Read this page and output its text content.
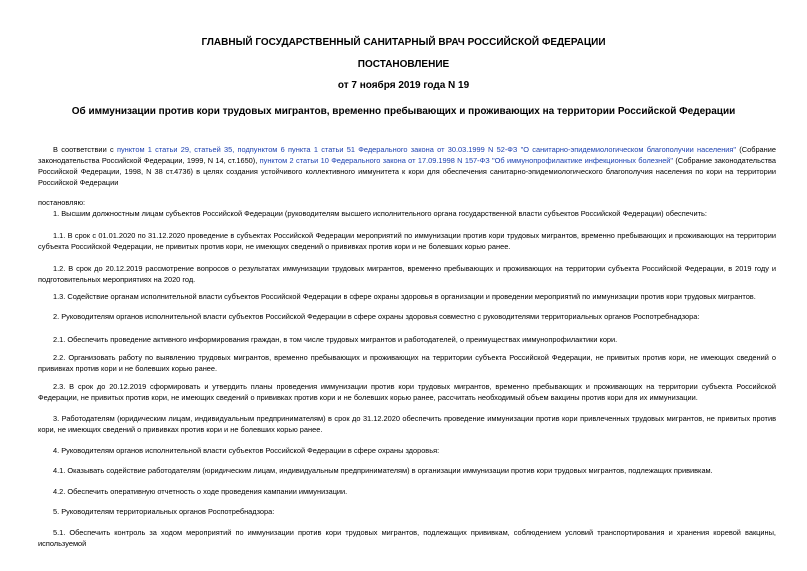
ГЛАВНЫЙ ГОСУДАРСТВЕННЫЙ САНИТАРНЫЙ ВРАЧ РОССИЙСКОЙ ФЕДЕРАЦИИ
ПОСТАНОВЛЕНИЕ
от 7 ноября 2019 года N 19
Об иммунизации против кори трудовых мигрантов, временно пребывающих и проживающих на территории Российской Федерации

В соответствии с пунктом 1 статьи 29, статьей 35, подпунктом 6 пункта 1 статьи 51 Федерального закона от 30.03.1999 N 52-ФЗ "О санитарно-эпидемиологическом благополучии населения" (Собрание законодательства Российской Федерации, 1999, N 14, ст.1650), пунктом 2 статьи 10 Федерального закона от 17.09.1998 N 157-ФЗ "Об иммунопрофилактике инфекционных болезней" (Собрание законодательства Российской Федерации, 1998, N 38 ст.4736) в целях создания устойчивого коллективного иммунитета к кори для обеспечения санитарно-эпидемиологического благополучия населения по кори на территории Российской Федерации

постановляю:

1. Высшим должностным лицам субъектов Российской Федерации (руководителям высшего исполнительного органа государственной власти субъектов Российской Федерации) обеспечить:

1.1. В срок с 01.01.2020 по 31.12.2020 проведение в субъектах Российской Федерации мероприятий по иммунизации против кори трудовых мигрантов, временно пребывающих и проживающих на территории субъекта Российской Федерации, не привитых против кори, не имеющих сведений о прививках против кори и не болевших корью ранее.

1.2. В срок до 20.12.2019 рассмотрение вопросов о результатах иммунизации трудовых мигрантов, временно пребывающих и проживающих на территории субъекта Российской Федерации, в 2019 году и подготовительных мероприятиях на 2020 год.

1.3. Содействие органам исполнительной власти субъектов Российской Федерации в сфере охраны здоровья в организации и проведении мероприятий по иммунизации против кори трудовых мигрантов.

2. Руководителям органов исполнительной власти субъектов Российской Федерации в сфере охраны здоровья совместно с руководителями территориальных органов Роспотребнадзора:

2.1. Обеспечить проведение активного информирования граждан, в том числе трудовых мигрантов и работодателей, о преимуществах иммунопрофилактики кори.

2.2. Организовать работу по выявлению трудовых мигрантов, временно пребывающих и проживающих на территории субъекта Российской Федерации, не привитых против кори, не имеющих сведений о прививках против кори и не болевших корью ранее.

2.3. В срок до 20.12.2019 сформировать и утвердить планы проведения иммунизации против кори трудовых мигрантов, временно пребывающих и проживающих на территории субъекта Российской Федерации, не привитых против кори, не имеющих сведений о прививках против кори и не болевших корью ранее, рассчитать необходимый объем вакцины против кори для их иммунизации.

3. Работодателям (юридическим лицам, индивидуальным предпринимателям) в срок до 31.12.2020 обеспечить проведение иммунизации против кори привлеченных трудовых мигрантов, не привитых против кори, не имеющих сведений о прививках против кори и не болевших корью ранее.

4. Руководителям органов исполнительной власти субъектов Российской Федерации в сфере охраны здоровья:

4.1. Оказывать содействие работодателям (юридическим лицам, индивидуальным предпринимателям) в организации иммунизации против кори трудовых мигрантов, подлежащих прививкам.

4.2. Обеспечить оперативную отчетность о ходе проведения кампании иммунизации.

5. Руководителям территориальных органов Роспотребнадзора:

5.1. Обеспечить контроль за ходом мероприятий по иммунизации против кори трудовых мигрантов, подлежащих прививкам, соблюдением условий транспортирования и хранения коревой вакцины, используемой
